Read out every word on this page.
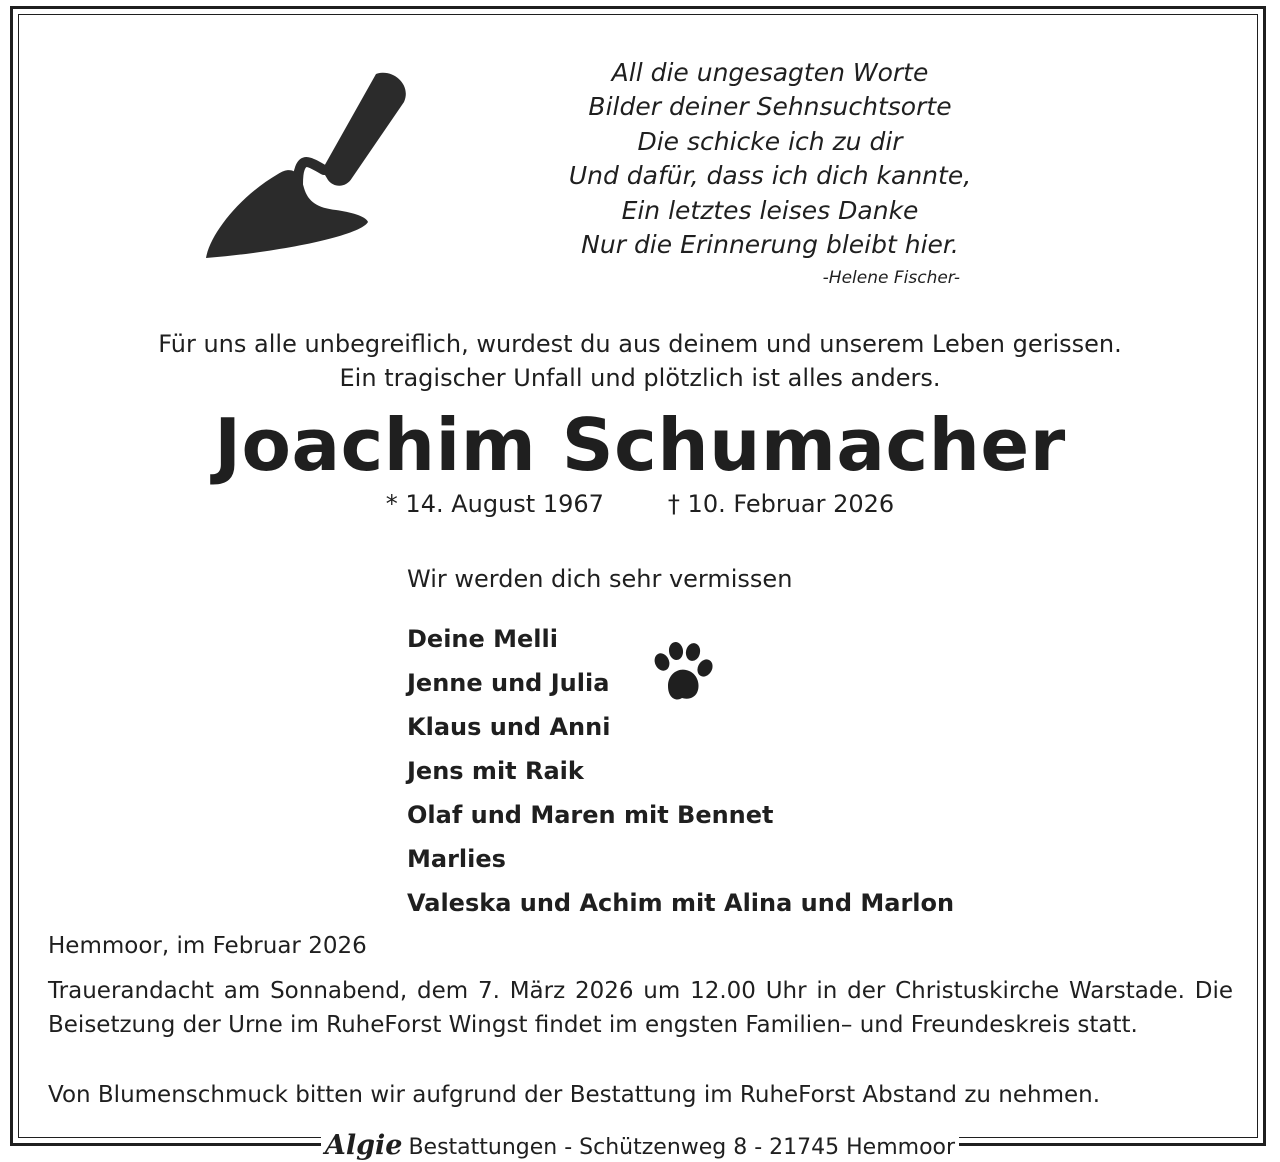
All die ungesagten Worte
Bilder deiner Sehnsuchtsorte
Die schicke ich zu dir
Und dafür, dass ich dich kannte,
Ein letztes leises Danke
Nur die Erinnerung bleibt hier.
-Helene Fischer-
Für uns alle unbegreiflich, wurdest du aus deinem und unserem Leben gerissen.
Ein tragischer Unfall und plötzlich ist alles anders.
Joachim Schumacher
* 14. August 1967	† 10. Februar 2026
Wir werden dich sehr vermissen
Deine Melli
Jenne und Julia
Klaus und Anni
Jens mit Raik
Olaf und Maren mit Bennet
Marlies
Valeska und Achim mit Alina und Marlon
Hemmoor, im Februar 2026

Trauerandacht am Sonnabend, dem 7. März 2026 um 12.00 Uhr in der Christuskirche Warstade. Die Beisetzung der Urne im RuheForst Wingst findet im engsten Familien– und Freundeskreis statt.

Von Blumenschmuck bitten wir aufgrund der Bestattung im RuheForst Abstand zu nehmen.
Algie Bestattungen - Schützenweg 8 - 21745 Hemmoor
